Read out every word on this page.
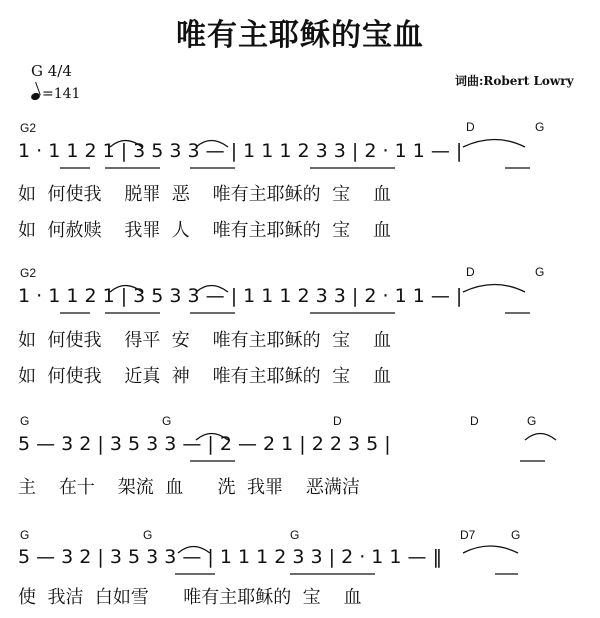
唯有主耶稣的宝血
G 4/4
=141
词曲:Robert Lowry
G2	D	G
1 · 1 1 2 1 | 3 5 3 3 — | 1 1 1 2 3 3 | 2 · 1 1 — |
如  何使我    脱罪  恶    唯有主耶稣的  宝    血
如  何赦赎    我罪  人    唯有主耶稣的  宝    血
G2	D	G
1 · 1 1 2 1 | 3 5 3 3 — | 1 1 1 2 3 3 | 2 · 1 1 — |
如  何使我    得平  安    唯有主耶稣的  宝    血
如  何使我    近真  神    唯有主耶稣的  宝    血
G	G	D	D	G
5 — 3 2 | 3 5 3 3 — | 2 — 2 1 | 2 2 3 5 |
主    在十    架流  血      洗  我罪    恶满洁
G	G	G	D7	G
5 — 3 2 | 3 5 3 3 — | 1 1 1 2 3 3 | 2 · 1 1 — ‖
使  我洁  白如雪      唯有主耶稣的  宝    血
